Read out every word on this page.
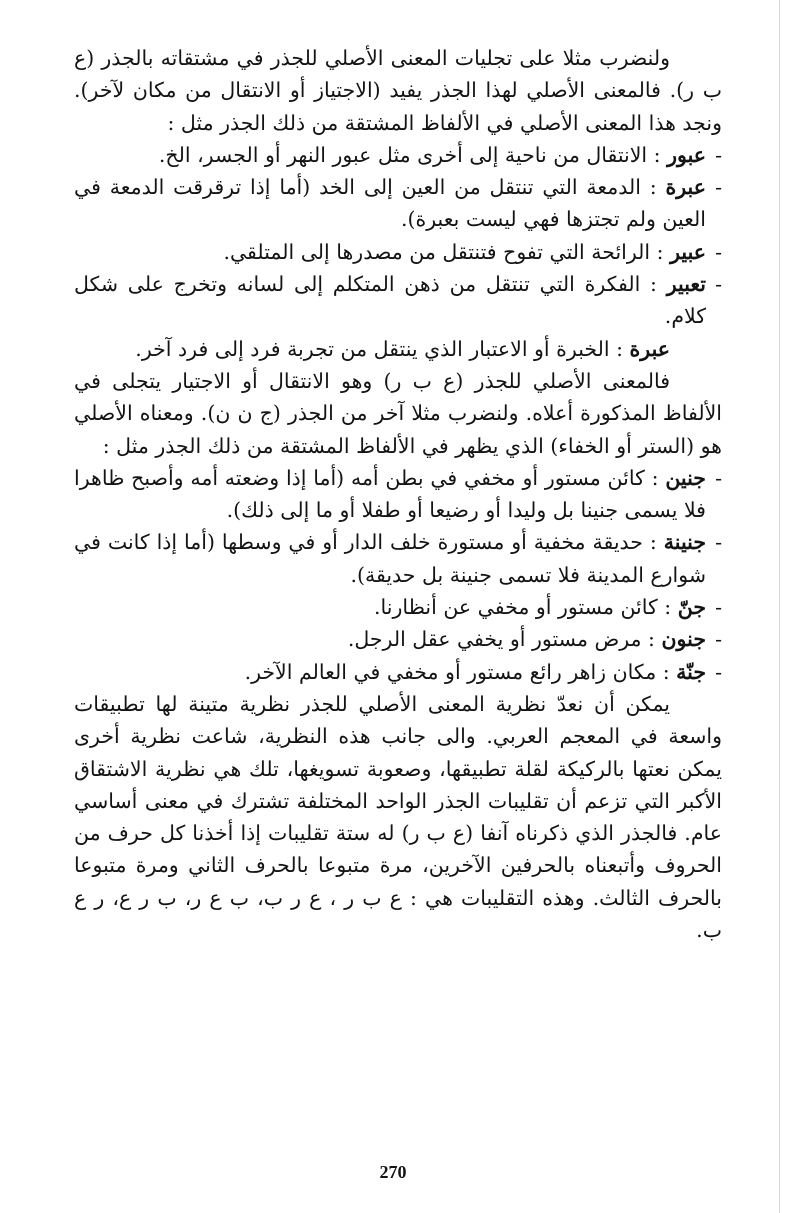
ولنضرب مثلا على تجليات المعنى الأصلي للجذر في مشتقاته بالجذر (ع ب ر). فالمعنى الأصلي لهذا الجذر يفيد (الاجتياز أو الانتقال من مكان لآخر). ونجد هذا المعنى الأصلي في الألفاظ المشتقة من ذلك الجذر مثل :

-
عبور : الانتقال من ناحية إلى أخرى مثل عبور النهر أو الجسر، الخ.
-
عبرة : الدمعة التي تنتقل من العين إلى الخد (أما إذا ترقرقت الدمعة في العين ولم تجتزها فهي ليست بعبرة).
-
عبير : الرائحة التي تفوح فتنتقل من مصدرها إلى المتلقي.
-
تعبير : الفكرة التي تنتقل من ذهن المتكلم إلى لسانه وتخرج على شكل كلام.
عبرة : الخبرة أو الاعتبار الذي ينتقل من تجربة فرد إلى فرد آخر.

فالمعنى الأصلي للجذر (ع ب ر) وهو الانتقال أو الاجتيار يتجلى في الألفاظ المذكورة أعلاه. ولنضرب مثلا آخر من الجذر (ج ن ن). ومعناه الأصلي هو (الستر أو الخفاء) الذي يظهر في الألفاظ المشتقة من ذلك الجذر مثل :

-
جنين : كائن مستور أو مخفي في بطن أمه (أما إذا وضعته أمه وأصبح ظاهرا فلا يسمى جنينا بل وليدا أو رضيعا أو طفلا أو ما إلى ذلك).
-
جنينة : حديقة مخفية أو مستورة خلف الدار أو في وسطها (أما إذا كانت في شوارع المدينة فلا تسمى جنينة بل حديقة).
-
جنّ : كائن مستور أو مخفي عن أنظارنا.
-
جنون : مرض مستور أو يخفي عقل الرجل.
-
جنّة : مكان زاهر رائع مستور أو مخفي في العالم الآخر.

يمكن أن نعدّ نظرية المعنى الأصلي للجذر نظرية متينة لها تطبيقات واسعة في المعجم العربي. والى جانب هذه النظرية، شاعت نظرية أخرى يمكن نعتها بالركيكة لقلة تطبيقها، وصعوبة تسويغها، تلك هي نظرية الاشتقاق الأكبر التي تزعم أن تقليبات الجذر الواحد المختلفة تشترك في معنى أساسي عام. فالجذر الذي ذكرناه آنفا (ع ب ر) له ستة تقليبات إذا أخذنا كل حرف من الحروف وأتبعناه بالحرفين الآخرين، مرة متبوعا بالحرف الثاني ومرة متبوعا بالحرف الثالث. وهذه التقليبات هي : ع ب ر ، ع ر ب، ب ع ر، ب ر ع، ر ع ب.

270
